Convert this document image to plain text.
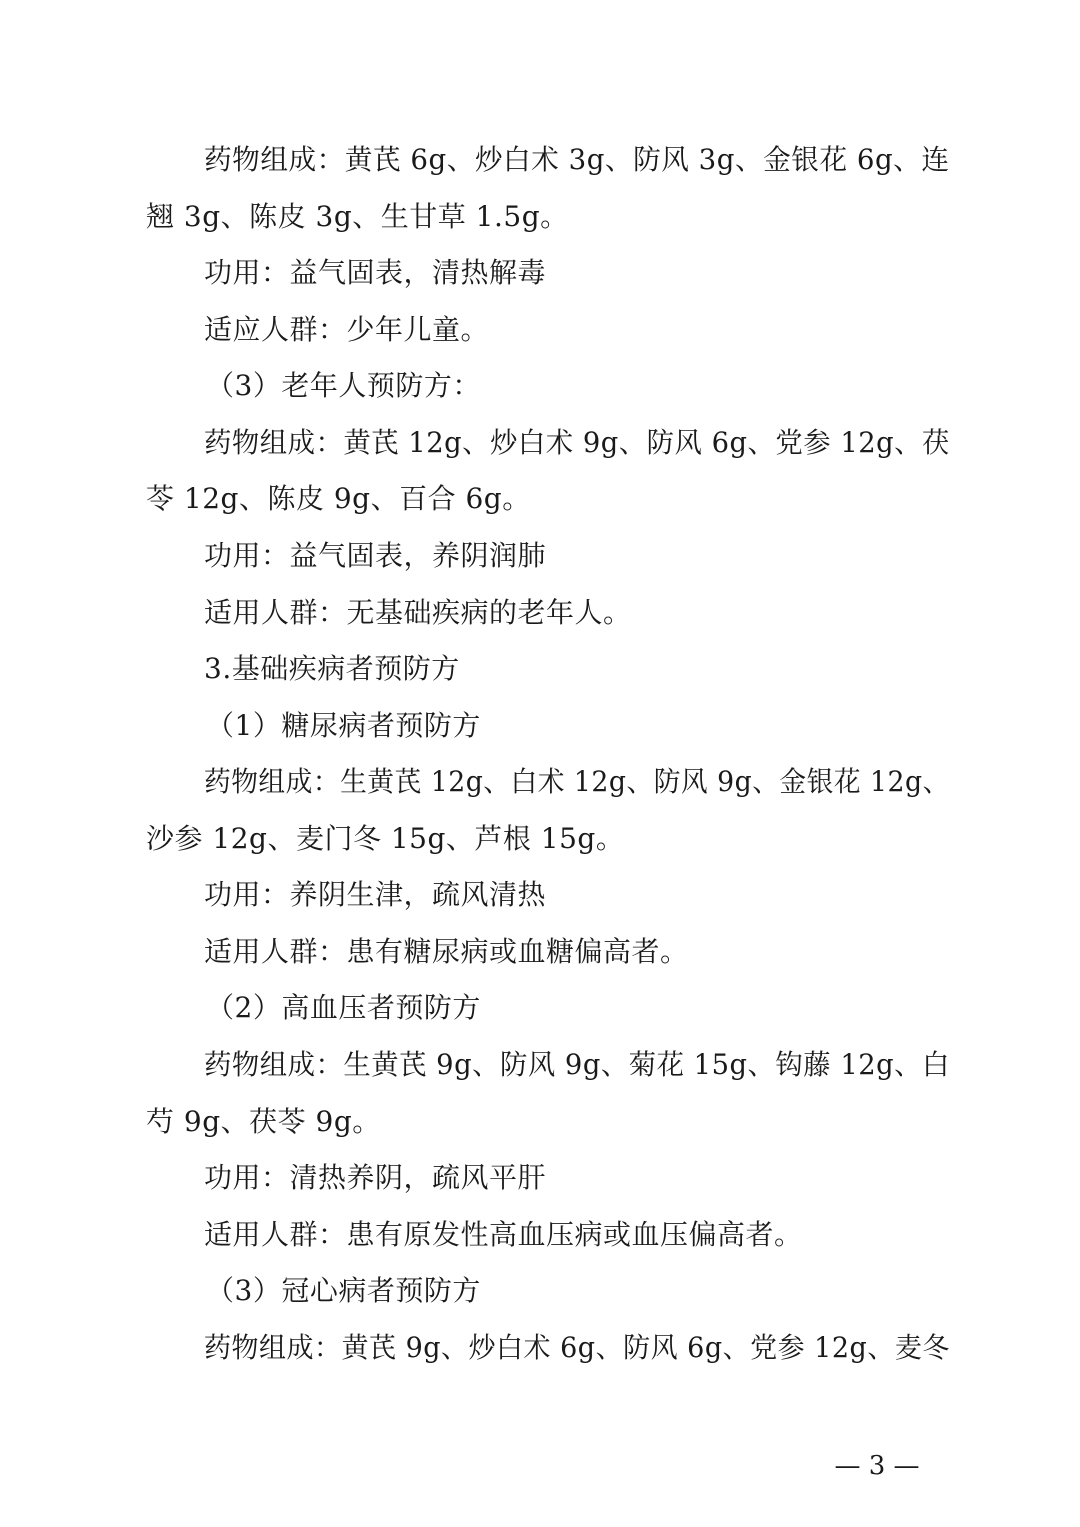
药物组成：黄芪 6g、炒白术 3g、防风 3g、金银花 6g、连
翘 3g、陈皮 3g、生甘草 1.5g。
功用：益气固表，清热解毒
适应人群：少年儿童。
（3）老年人预防方：
药物组成：黄芪 12g、炒白术 9g、防风 6g、党参 12g、茯
苓 12g、陈皮 9g、百合 6g。
功用：益气固表，养阴润肺
适用人群：无基础疾病的老年人。
3.基础疾病者预防方
（1）糖尿病者预防方
药物组成：生黄芪 12g、白术 12g、防风 9g、金银花 12g、
沙参 12g、麦门冬 15g、芦根 15g。
功用：养阴生津，疏风清热
适用人群：患有糖尿病或血糖偏高者。
（2）高血压者预防方
药物组成：生黄芪 9g、防风 9g、菊花 15g、钩藤 12g、白
芍 9g、茯苓 9g。
功用：清热养阴，疏风平肝
适用人群：患有原发性高血压病或血压偏高者。
（3）冠心病者预防方
药物组成：黄芪 9g、炒白术 6g、防风 6g、党参 12g、麦冬
— 3 —
